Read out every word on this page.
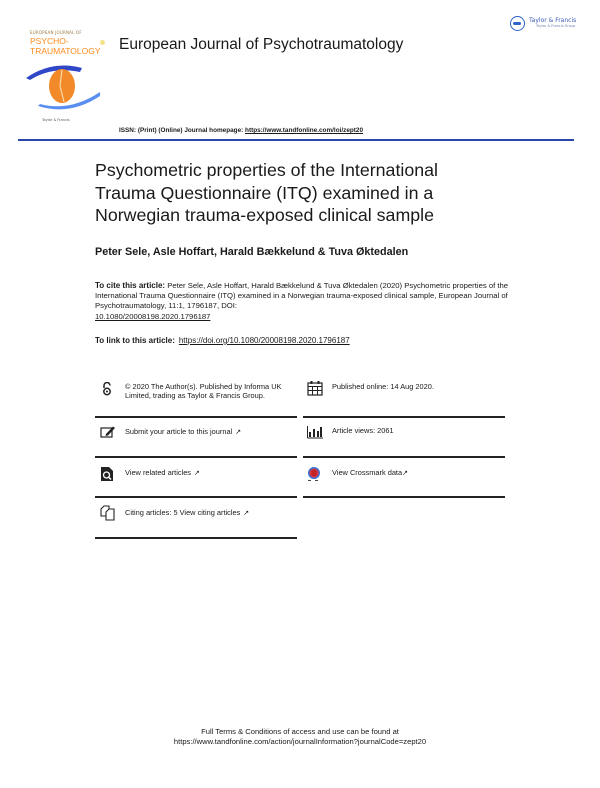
EUROPEAN JOURNAL OF
PSYCHO-
TRAUMATOLOGY
Taylor & Francis
Taylor & Francis
Taylor & Francis Group
European Journal of Psychotraumatology
ISSN: (Print) (Online) Journal homepage: https://www.tandfonline.com/loi/zept20
Psychometric properties of the International Trauma Questionnaire (ITQ) examined in a Norwegian trauma-exposed clinical sample
Peter Sele, Asle Hoffart, Harald Bækkelund & Tuva Øktedalen
To cite this article: Peter Sele, Asle Hoffart, Harald Bækkelund & Tuva Øktedalen (2020) Psychometric properties of the International Trauma Questionnaire (ITQ) examined in a Norwegian trauma-exposed clinical sample, European Journal of Psychotraumatology, 11:1, 1796187, DOI:
10.1080/20008198.2020.1796187
To link to this article: https://doi.org/10.1080/20008198.2020.1796187
© 2020 The Author(s). Published by Informa UK Limited, trading as Taylor & Francis Group.
Published online: 14 Aug 2020.
Submit your article to this journal ↗	Article views: 2061
View related articles ↗	View Crossmark data↗
Citing articles: 5 View citing articles ↗
Full Terms & Conditions of access and use can be found at
https://www.tandfonline.com/action/journalInformation?journalCode=zept20
